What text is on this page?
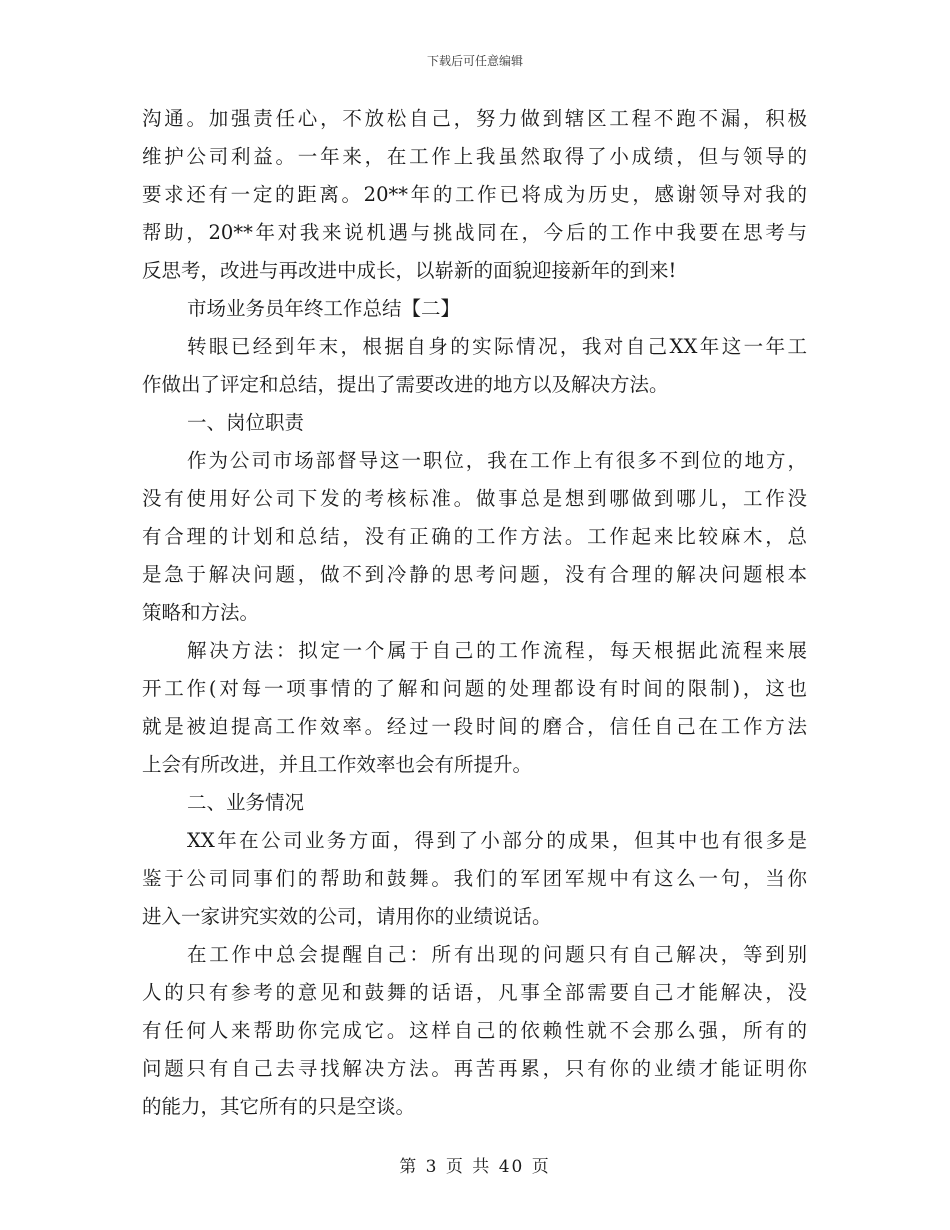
下载后可任意编辑
沟通。加强责任心，不放松自己，努力做到辖区工程不跑不漏，积极
维护公司利益。一年来，在工作上我虽然取得了小成绩，但与领导的
要求还有一定的距离。20**年的工作已将成为历史，感谢领导对我的
帮助，20**年对我来说机遇与挑战同在，今后的工作中我要在思考与
反思考，改进与再改进中成长，以崭新的面貌迎接新年的到来!
市场业务员年终工作总结【二】
转眼已经到年末，根据自身的实际情况，我对自己XX年这一年工
作做出了评定和总结，提出了需要改进的地方以及解决方法。
一、岗位职责
作为公司市场部督导这一职位，我在工作上有很多不到位的地方，
没有使用好公司下发的考核标准。做事总是想到哪做到哪儿，工作没
有合理的计划和总结，没有正确的工作方法。工作起来比较麻木，总
是急于解决问题，做不到冷静的思考问题，没有合理的解决问题根本
策略和方法。
解决方法：拟定一个属于自己的工作流程，每天根据此流程来展
开工作(对每一项事情的了解和问题的处理都设有时间的限制)，这也
就是被迫提高工作效率。经过一段时间的磨合，信任自己在工作方法
上会有所改进，并且工作效率也会有所提升。
二、业务情况
XX年在公司业务方面，得到了小部分的成果，但其中也有很多是
鉴于公司同事们的帮助和鼓舞。我们的军团军规中有这么一句，当你
进入一家讲究实效的公司，请用你的业绩说话。
在工作中总会提醒自己：所有出现的问题只有自己解决，等到别
人的只有参考的意见和鼓舞的话语，凡事全部需要自己才能解决，没
有任何人来帮助你完成它。这样自己的依赖性就不会那么强，所有的
问题只有自己去寻找解决方法。再苦再累，只有你的业绩才能证明你
的能力，其它所有的只是空谈。
第 3 页 共 40 页
